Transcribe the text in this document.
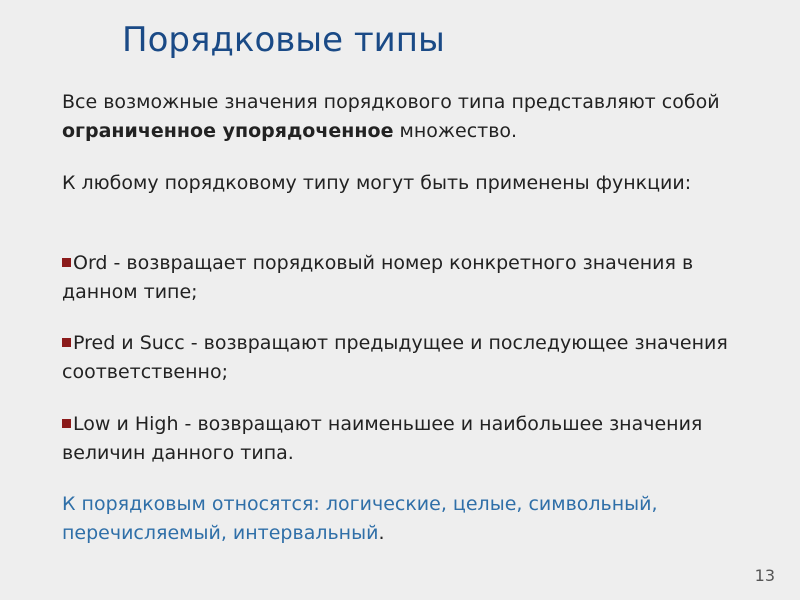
Порядковые типы
Все возможные значения порядкового типа представляют собой ограниченное упорядоченное множество.
К любому порядковому типу могут быть применены функции:
Ord - возвращает порядковый номер конкретного значения в данном типе;
Pred и Succ - возвращают предыдущее и последующее значения соответственно;
Low и High - возвращают наименьшее и наибольшее значения величин данного типа.
К порядковым относятся: логические, целые, символьный, перечисляемый, интервальный.
13
